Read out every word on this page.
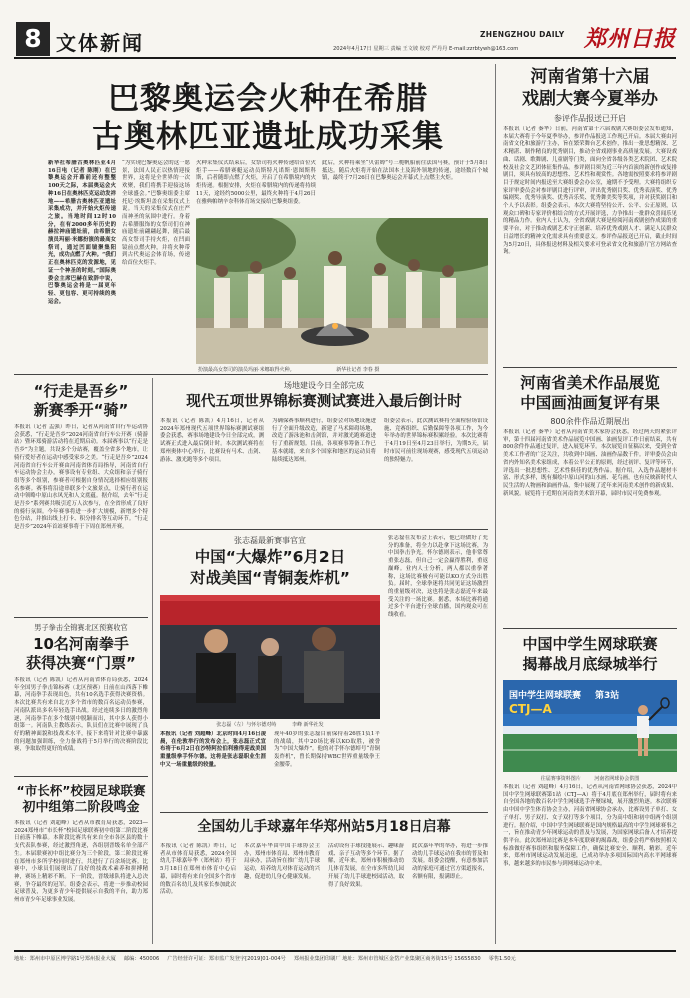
8 文体新闻	2024年4月17日 星期三 责编 王文坡 校对 严丹丹 E-mail:zzrbtywh@163.com
ZHENGZHOU DAILY 郑州日报
巴黎奥运会火种在希腊
古奥林匹亚遗址成功采集
新华社希腊古奥林匹亚4月16日电（记者 陈刚）在巴黎奥运会开幕前还有整整100天之际，本届奥运会火种16日在奥林匹克运动发祥地——希腊古奥林匹亚遗址采集成功，并开始火炬传递之旅。当地时间12时10分，在有2000多年历史的赫拉神庙遗址前，由希腊女演员玛丽·米娜扮演的最高女祭司，通过凹面镜聚集阳光，成功点燃了火种。“我们正在奥林匹克的发源地，见证一个神圣的时刻。”国际奥委会主席巴赫在致辞中说，巴黎奥运会将是一届更年轻、更包容、更可持续的奥运会。
“为实现巴黎奥运会的这一愿景，法国人民正以热情迎接世界，这将是全世界的一次欢聚，我们将携手迎接这场全球盛会。”巴黎奥组委主席托尼·埃斯坦盖在采集仪式上说。当天的采集仪式在庄严而神圣的氛围中进行。身着古希腊服饰的女祭司们在神庙遗址前翩翩起舞，随后最高女祭司手持火炬，在凹面镜前点燃火种，并将火种带到古代奥运会体育场，传递给首位火炬手。
火种采集仪式结束后，女祭司将火种传递给首位火炬手——希腊赛艇运动员斯特凡诺斯·恩图斯科斯，后者随即点燃了火炬，开启了在希腊境内的火炬传递。根据安排，火炬在希腊境内的传递将持续11天，途经约5000公里，最终火种将于4月26日在雅典帕纳辛奈科体育场交接给巴黎奥组委。
此后，火种将乘坐“贝蕾姆”号三桅帆船前往法国马赛，预计于5月8日抵达。随后火炬将开始在法国本土及海外领地的传递，途经数百个城镇，最终于7月26日在巴黎奥运会开幕式上点燃主火炬。
扮演最高女祭司的演员玛丽·米娜取得火种。	新华社记者 李春 摄
河南省第十六届
戏剧大赛今夏举办
参评作品报送已开启
本报讯（记者 秦华）日前，河南省第十六届戏剧大赛组委会发布通知，本届大赛将于今年夏季举办，参评作品报送工作现已开启。本届大赛由河南省文化和旅游厅主办，旨在繁荣舞台艺术创作，推出一批思想精深、艺术精湛、制作精良的优秀剧目，推动全省戏剧事业高质量发展。大赛设戏曲、话剧、歌舞剧、儿童剧等门类，面向全省各级各类艺术院团、艺术院校及社会文艺团体征集作品。参评剧目须为近三年内首演的新创作或复排剧目，须具有较高的思想性、艺术性和观赏性。各地需按照要求将参评剧目于规定时间内报送至大赛组委会办公室，逾期不予受理。大赛将组织专家评审委员会对参评剧目进行评审，评出优秀剧目奖、优秀表演奖、优秀编剧奖、优秀导演奖、优秀音乐奖、优秀舞美奖等奖项，并对获奖剧目和个人予以表彰。组委会表示，本次大赛将坚持公开、公平、公正原则，以观众口碑和专家评价相结合的方式开展评选，力争推出一批群众喜闻乐见的精品力作。业内人士认为，全省戏剧大赛是检阅河南戏剧创作成果的重要平台，对于推动戏剧艺术守正创新、培养优秀戏剧人才、满足人民群众日益增长的精神文化需求具有重要意义。参评作品报送已开启，截止时间为5月20日，具体报送材料及相关要求可登录省文化和旅游厅官方网站查询。
河南省美术作品展览
中国画油画复评有果
800余件作品近期展出
本报讯（记者 秦华）记者从河南省美术家协会获悉，经过两天的紧张评审，第十四届河南省美术作品展览中国画、油画复评工作日前结束，共有800余件作品通过复评，进入展览环节。本次展览自征稿以来，受到全省美术工作者的广泛关注，共收到中国画、油画作品数千件。评审委员会由省内外知名美术家组成，本着公平公正的原则，经过初评、复评等环节，评选出一批思想性、艺术性俱佳的优秀作品。据介绍，入选作品题材丰富、形式多样，既有描绘中原山河的山水画、花鸟画，也有反映新时代人民生活的人物画和油画作品，集中展现了近年来河南美术创作的新成果、新风貌。展览将于近期在河南省美术馆开幕，届时市民可免费参观。
中国中学生网球联赛
揭幕战月底绿城举行
国中学生网球联赛 第3站
CTJ—A
往届赛事资料图片	河南省网球协会供图
本报讯（记者 刘超峰）4月16日，记者从河南省网球协会获悉，2024中国中学生网球联赛第1站（CTJ—A）将于4月底在郑州举行，届时将有来自全国各地的数百名中学生网球选手齐聚绿城，展开激烈角逐。本次联赛由中国中学生体育协会主办，河南省网球协会承办，比赛设男子单打、女子单打、男子双打、女子双打等多个项目，分为高中组和初中组两个组别进行。据介绍，中国中学生网球联赛是国内规格最高的中学生网球赛事之一，旨在推动青少年网球运动的普及与发展，为国家网球后备人才培养提供平台。此次郑州站比赛是本年度联赛的揭幕战，组委会将严格按照相关标准做好赛事组织和服务保障工作，确保比赛安全、顺利、精彩。近年来，郑州市网球运动发展迅速，已成功举办多项国际国内高水平网球赛事，越来越多的市民参与到网球运动中来。
“行走是吾乡”
新赛季开“骑”
本报讯（记者 孟强）昨日，记者从河南省自行车运动协会获悉，“行走是吾乡”2024河南省自行车公开赛（骑游站）暨环郑骑游活动将在近期启动。本届赛事以“行走是吾乡”为主题，共设多个分站赛，覆盖全省多个地市，让骑行爱好者在运动中感受家乡之美。“行走是吾乡”2024河南省自行车公开赛由河南省体育局指导，河南省自行车运动协会主办，赛事设有专业组、大众组和亲子骑行组等多个组别，参赛者可根据自身情况选择相应组别报名参赛。赛事将沿途串联多个文旅景点，让骑行者在运动中领略中原山水风光和人文底蕴。据介绍，去年“行走是吾乡”系列赛共吸引近万人次参与，在全省形成了良好的骑行氛围。今年赛事将进一步扩大规模，新增多个特色分站，并推出线上打卡、积分排名等互动环节。“行走是吾乡”2024年首站赛事将于下周在郑州开赛。
男子拳击全锦赛北区预赛收官
10名河南拳手
获得决赛“门票”
本报讯（记者 陈凯）记者从河南省体育局获悉，2024年全国男子拳击锦标赛（北区预赛）日前在山西落下帷幕，河南拳手表现出色，共有10名选手获得决赛资格。本次比赛共有来自北方多个省市的数百名运动员参赛，河南队派出多名年轻选手出战。经过连续多日的激烈角逐，河南拳手在多个级别中脱颖而出，其中多人获得小组第一。河南队主教练表示，队员们在比赛中展现了良好的精神面貌和技战术水平，接下来将针对比赛中暴露的问题加强训练，全力备战将于5月举行的决赛阶段比赛，争取取得更好的成绩。
“市长杯”校园足球联赛
初中组第二阶段鸣金
本报讯（记者 刘超峰）记者从市教育局获悉，2023—2024郑州市“市长杯”校园足球联赛初中组第二阶段比赛日前落下帷幕。本阶段比赛共有来自全市各区县的数十支代表队参赛，经过激烈角逐，各组别晋级名单全部产生。本届联赛初中组比赛分为三个阶段，第二阶段比赛在郑州市多所学校同时进行，共进行了百余场比赛。比赛中，小球员们展现出了良好的技战术素养和拼搏精神，赛场上精彩不断。下一阶段，晋级球队将进入总决赛，争夺最终的冠军。组委会表示，将进一步推动校园足球普及，为更多青少年提供展示自我的平台，助力郑州市青少年足球事业发展。
场地建设今日全部完成
现代五项世界锦标赛测试赛进入最后倒计时
本报讯（记者 陈凯）4月16日，记者从2024年郑州现代五项世界锦标赛测试赛组委会获悉，赛事场地建设今日全部完成，测试赛正式进入最后倒计时。本次测试赛将在郑州奥体中心举行，比赛设有马术、击剑、游泳、激光跑等多个项目。
为确保赛事顺利进行，组委会对场地设施进行了全面升级改造，新建了马术障碍场地，改造了游泳池和击剑馆，并对激光跑赛道进行了重新规划。目前，各项赛事筹备工作已基本就绪，来自多个国家和地区的运动员将陆续抵达郑州。
组委会表示，此次测试赛将全面检验场馆设施、竞赛组织、后勤保障等各项工作，为今年举办的世界锦标赛积累经验。本次比赛将于4月19日至4月23日举行，为期5天，届时市民可前往现场观赛，感受现代五项运动的独特魅力。
张志磊最新赛事官宣
中国“大爆炸”6月2日
对战美国“青铜轰炸机”
张志磊（左）与怀尔德对峙	李峰 新华社发
本报讯（记者 刘超峰）北京时间4月16日凌晨，在伦敦举行的发布会上，张志磊正式宣布将于6月2日在沙特阿拉伯利雅得迎战美国重量级拳手怀尔德。这将是张志磊职业生涯中又一场重量级的较量。
现年40岁的张志磊目前保持着26胜1负1平的战绩，其中20场比赛以KO取胜，被誉为“中国大爆炸”。他的对手怀尔德绰号“青铜轰炸机”，曾长期保持WBC世界重量级拳王金腰带。
张志磊在发布会上表示，他已经做好了充分的准备，将全力以赴拿下这场比赛，为中国拳击争光。怀尔德则表示，他非常尊重张志磊，但自己一定会赢得胜利，重返巅峰。业内人士分析，两人都以重拳著称，这场比赛极有可能以KO方式分出胜负。届时，全球拳迷将共同见证这场激烈的重量级对决，这也将是张志磊近年来最受关注的一场比赛。据悉，本场比赛将通过多个平台进行全球直播，国内观众可在线收看。
全国幼儿手球嘉年华郑州站5月18日启幕
本报讯（记者 陈凯）昨日，记者从市体育局获悉，2024全国幼儿手球嘉年华（郑州站）将于5月18日在郑州市体育中心启幕，届时将有来自全国多个省市的数百名幼儿及其家长参加此次活动。
本次嘉年华由中国手球协会主办，郑州市体育局、郑州市教育局承办，活动旨在推广幼儿手球运动，培养幼儿对体育运动的兴趣，促进幼儿身心健康发展。
活动设有手球技能展示、趣味游戏、亲子互动等多个环节。据了解，近年来，郑州市积极推动幼儿体育发展，在全市多所幼儿园开展了幼儿手球进校园活动，取得了良好效果。
此次嘉年华的举办，将进一步推动幼儿手球运动在我市的普及和发展。组委会提醒，有意参加活动的家庭可通过官方渠道报名，名额有限，报满即止。
地址：郑州市中原区博学路1号郑州报业大厦 邮编：450006 广告经营许可证：郑市监广发登字[2019]01-004号 郑州报业集团印刷厂 地址：郑州市管城区金岱产业集聚区商务街15号 15655830 零售1.50元
